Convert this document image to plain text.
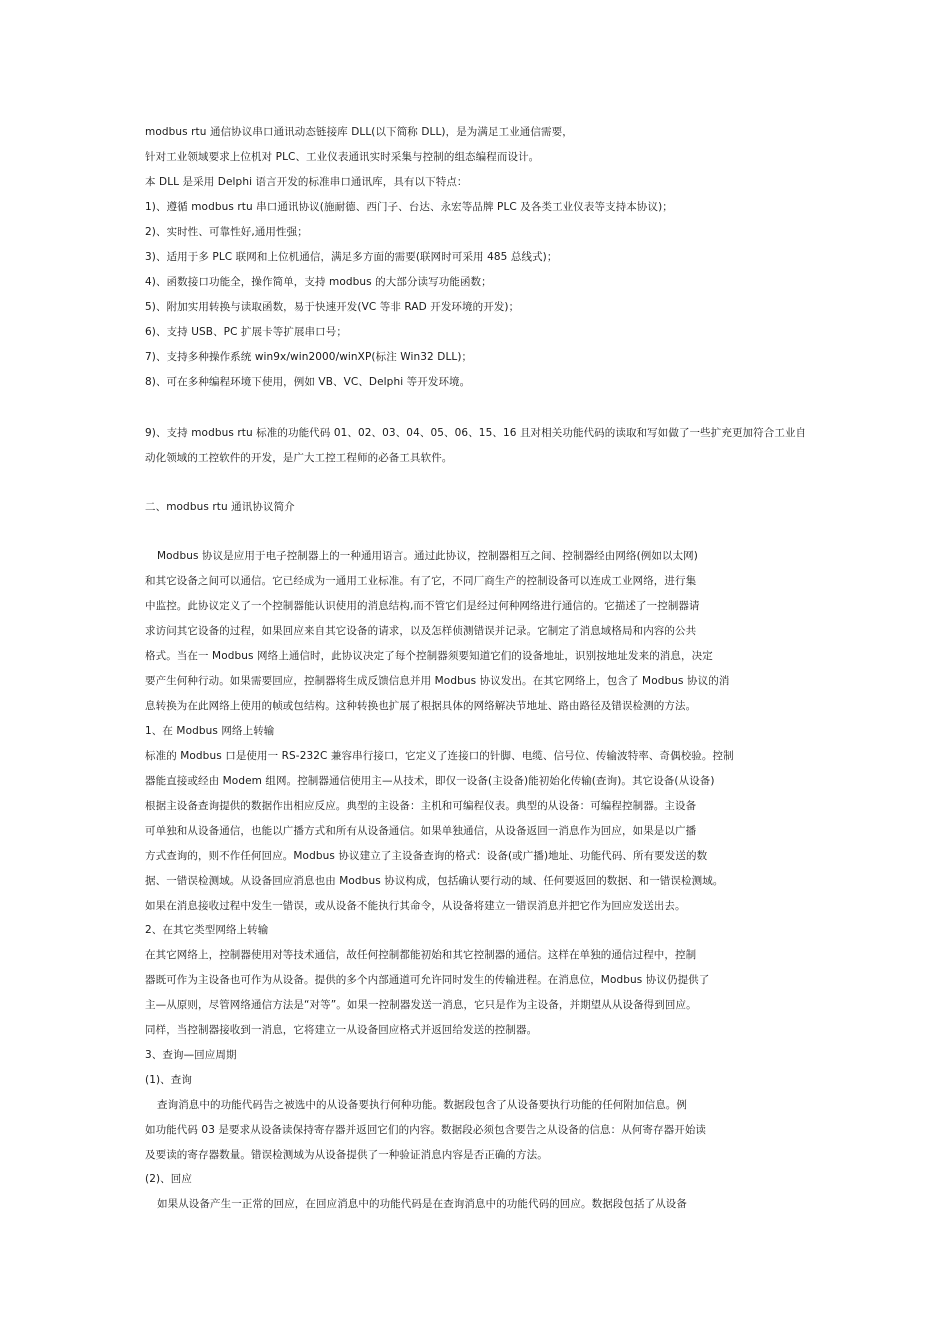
modbus rtu 通信协议串口通讯动态链接库 DLL(以下简称 DLL)，是为满足工业通信需要，
针对工业领域要求上位机对 PLC、工业仪表通讯实时采集与控制的组态编程而设计。
本 DLL 是采用 Delphi 语言开发的标准串口通讯库，具有以下特点：
1)、遵循 modbus rtu 串口通讯协议(施耐德、西门子、台达、永宏等品牌 PLC 及各类工业仪表等支持本协议)；
2)、实时性、可靠性好,通用性强；
3)、适用于多 PLC 联网和上位机通信，满足多方面的需要(联网时可采用 485 总线式)；
4)、函数接口功能全，操作简单，支持 modbus 的大部分读写功能函数；
5)、附加实用转换与读取函数，易于快速开发(VC 等非 RAD 开发环境的开发)；
6)、支持 USB、PC 扩展卡等扩展串口号；
7)、支持多种操作系统 win9x/win2000/winXP(标注 Win32 DLL)；
8)、可在多种编程环境下使用，例如 VB、VC、Delphi 等开发环境。
9)、支持 modbus rtu 标准的功能代码 01、02、03、04、05、06、15、16 且对相关功能代码的读取和写如做了一些扩充更加符合工业自
动化领域的工控软件的开发，是广大工控工程师的必备工具软件。
二、modbus rtu 通讯协议简介
Modbus 协议是应用于电子控制器上的一种通用语言。通过此协议，控制器相互之间、控制器经由网络(例如以太网)
和其它设备之间可以通信。它已经成为一通用工业标准。有了它，不同厂商生产的控制设备可以连成工业网络，进行集
中监控。此协议定义了一个控制器能认识使用的消息结构,而不管它们是经过何种网络进行通信的。它描述了一控制器请
求访问其它设备的过程，如果回应来自其它设备的请求，以及怎样侦测错误并记录。它制定了消息域格局和内容的公共
格式。当在一 Modbus 网络上通信时，此协议决定了每个控制器须要知道它们的设备地址，识别按地址发来的消息，决定
要产生何种行动。如果需要回应，控制器将生成反馈信息并用 Modbus 协议发出。在其它网络上，包含了 Modbus 协议的消
息转换为在此网络上使用的帧或包结构。这种转换也扩展了根据具体的网络解决节地址、路由路径及错误检测的方法。
1、在 Modbus 网络上转输
标准的 Modbus 口是使用一 RS-232C 兼容串行接口，它定义了连接口的针脚、电缆、信号位、传输波特率、奇偶校验。控制
器能直接或经由 Modem 组网。控制器通信使用主—从技术，即仅一设备(主设备)能初始化传输(查询)。其它设备(从设备)
根据主设备查询提供的数据作出相应反应。典型的主设备：主机和可编程仪表。典型的从设备：可编程控制器。主设备
可单独和从设备通信，也能以广播方式和所有从设备通信。如果单独通信，从设备返回一消息作为回应，如果是以广播
方式查询的，则不作任何回应。Modbus 协议建立了主设备查询的格式：设备(或广播)地址、功能代码、所有要发送的数
据、一错误检测域。从设备回应消息也由 Modbus 协议构成，包括确认要行动的域、任何要返回的数据、和一错误检测域。
如果在消息接收过程中发生一错误，或从设备不能执行其命令，从设备将建立一错误消息并把它作为回应发送出去。
2、在其它类型网络上转输
在其它网络上，控制器使用对等技术通信，故任何控制都能初始和其它控制器的通信。这样在单独的通信过程中，控制
器既可作为主设备也可作为从设备。提供的多个内部通道可允许同时发生的传输进程。在消息位，Modbus 协议仍提供了
主—从原则，尽管网络通信方法是“对等”。如果一控制器发送一消息，它只是作为主设备，并期望从从设备得到回应。
同样，当控制器接收到一消息，它将建立一从设备回应格式并返回给发送的控制器。
3、查询—回应周期
(1)、查询
查询消息中的功能代码告之被选中的从设备要执行何种功能。数据段包含了从设备要执行功能的任何附加信息。例
如功能代码 03 是要求从设备读保持寄存器并返回它们的内容。数据段必须包含要告之从设备的信息：从何寄存器开始读
及要读的寄存器数量。错误检测域为从设备提供了一种验证消息内容是否正确的方法。
(2)、回应
如果从设备产生一正常的回应，在回应消息中的功能代码是在查询消息中的功能代码的回应。数据段包括了从设备
